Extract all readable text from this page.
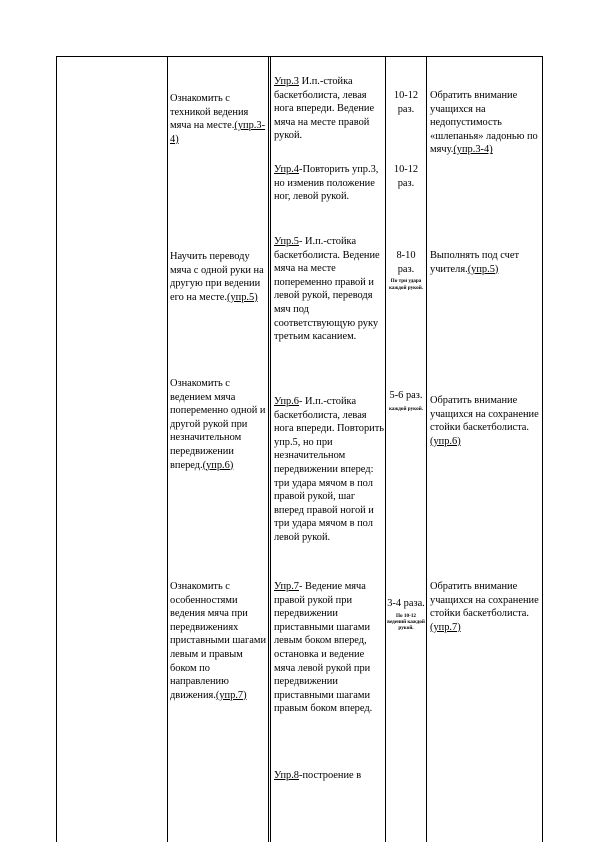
Ознакомить с техникой ведения мяча на месте.(упр.3-4)

Упр.3 И.п.-стойка баскетболиста, левая нога впереди. Ведение мяча на месте правой рукой.

Упр.4-Повторить упр.3, но изменив положение ног, левой рукой.

10-12 раз.

10-12 раз.

Обратить внимание учащихся на недопустимость «шлепанья» ладонью по мячу.(упр.3-4)

Научить переводу мяча с одной руки на другую при ведении его на месте.(упр.5)

Упр.5- И.п.-стойка баскетболиста. Ведение мяча на месте попеременно правой и левой рукой, переводя мяч под соответствующую руку третьим касанием.

8-10 раз.

По три удара каждой рукой.

Выполнять под счет учителя.(упр.5)

Ознакомить с ведением мяча попеременно одной и другой рукой при незначительном передвижении вперед.(упр.6)

Упр.6- И.п.-стойка баскетболиста, левая нога впереди. Повторить упр.5, но при незначительном передвижении вперед: три удара мячом в пол правой рукой, шаг вперед правой ногой и три удара мячом в пол левой рукой.

5-6 раз.

каждой рукой.

Обратить внимание учащихся на сохранение стойки баскетболиста.(упр.6)

Ознакомить с особенностями ведения мяча при передвижениях приставными шагами левым и правым боком по направлению движения.(упр.7)

Упр.7- Ведение мяча правой рукой при передвижении приставными шагами левым боком вперед, остановка и ведение мяча левой рукой при передвижении приставными шагами правым боком вперед.

Упр.8-построение в

3-4 раза.

По 10-12 ведений каждой рукой.

Обратить внимание учащихся на сохранение стойки баскетболиста.(упр.7)
